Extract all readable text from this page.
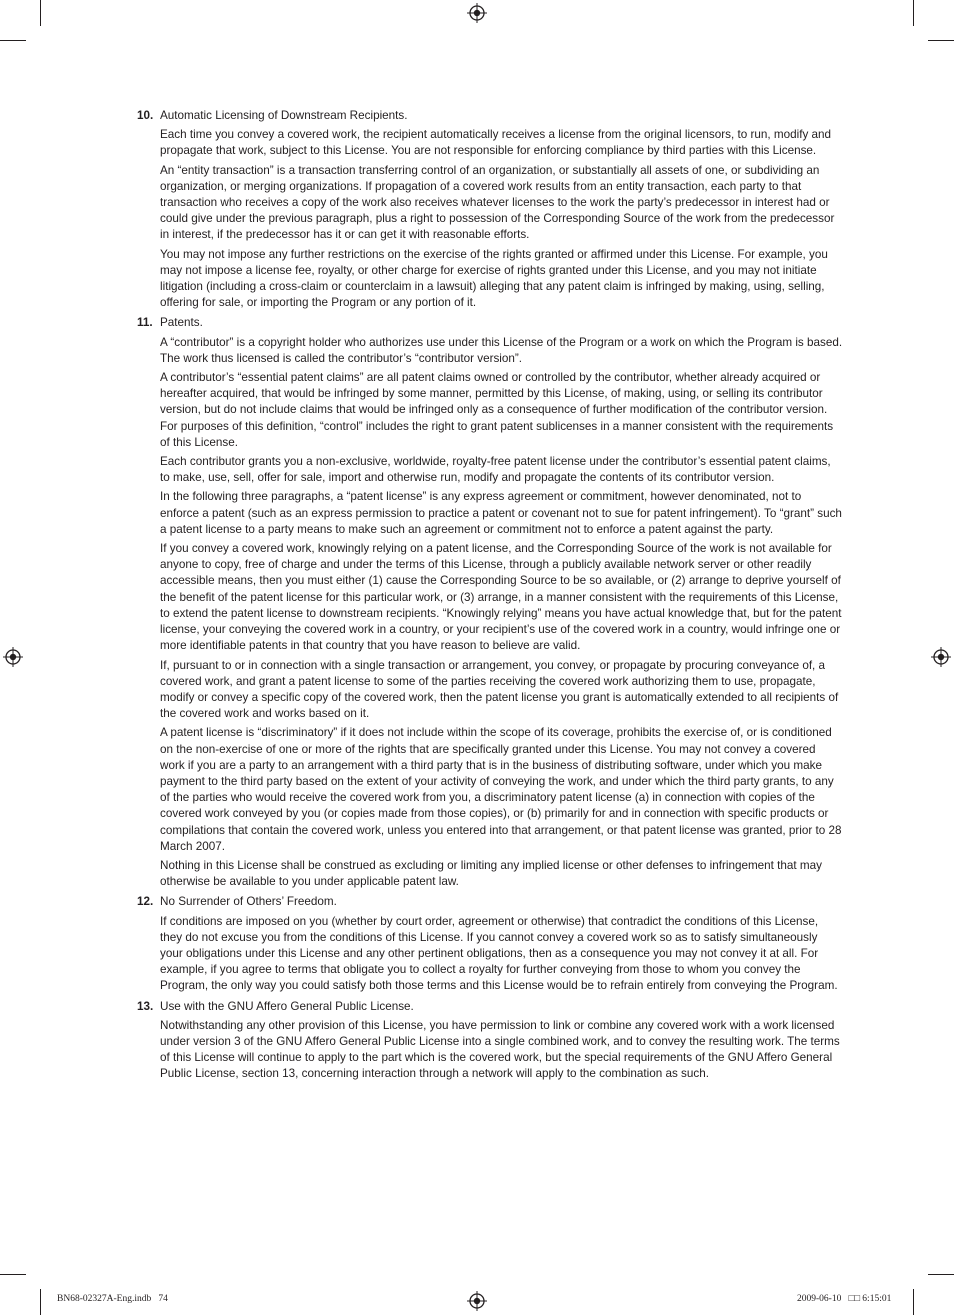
10. Automatic Licensing of Downstream Recipients.

Each time you convey a covered work, the recipient automatically receives a license from the original licensors, to run, modify and propagate that work, subject to this License. You are not responsible for enforcing compliance by third parties with this License.

An “entity transaction” is a transaction transferring control of an organization, or substantially all assets of one, or subdividing an organization, or merging organizations. If propagation of a covered work results from an entity transaction, each party to that transaction who receives a copy of the work also receives whatever licenses to the work the party’s predecessor in interest had or could give under the previous paragraph, plus a right to possession of the Corresponding Source of the work from the predecessor in interest, if the predecessor has it or can get it with reasonable efforts.

You may not impose any further restrictions on the exercise of the rights granted or affirmed under this License. For example, you may not impose a license fee, royalty, or other charge for exercise of rights granted under this License, and you may not initiate litigation (including a cross-claim or counterclaim in a lawsuit) alleging that any patent claim is infringed by making, using, selling, offering for sale, or importing the Program or any portion of it.

11. Patents.

A “contributor” is a copyright holder who authorizes use under this License of the Program or a work on which the Program is based. The work thus licensed is called the contributor’s “contributor version”.

A contributor’s “essential patent claims” are all patent claims owned or controlled by the contributor, whether already acquired or hereafter acquired, that would be infringed by some manner, permitted by this License, of making, using, or selling its contributor version, but do not include claims that would be infringed only as a consequence of further modification of the contributor version. For purposes of this definition, “control” includes the right to grant patent sublicenses in a manner consistent with the requirements of this License.

Each contributor grants you a non-exclusive, worldwide, royalty-free patent license under the contributor’s essential patent claims, to make, use, sell, offer for sale, import and otherwise run, modify and propagate the contents of its contributor version.

In the following three paragraphs, a “patent license” is any express agreement or commitment, however denominated, not to enforce a patent (such as an express permission to practice a patent or covenant not to sue for patent infringement). To “grant” such a patent license to a party means to make such an agreement or commitment not to enforce a patent against the party.

If you convey a covered work, knowingly relying on a patent license, and the Corresponding Source of the work is not available for anyone to copy, free of charge and under the terms of this License, through a publicly available network server or other readily accessible means, then you must either (1) cause the Corresponding Source to be so available, or (2) arrange to deprive yourself of the benefit of the patent license for this particular work, or (3) arrange, in a manner consistent with the requirements of this License, to extend the patent license to downstream recipients. “Knowingly relying” means you have actual knowledge that, but for the patent license, your conveying the covered work in a country, or your recipient’s use of the covered work in a country, would infringe one or more identifiable patents in that country that you have reason to believe are valid.

If, pursuant to or in connection with a single transaction or arrangement, you convey, or propagate by procuring conveyance of, a covered work, and grant a patent license to some of the parties receiving the covered work authorizing them to use, propagate, modify or convey a specific copy of the covered work, then the patent license you grant is automatically extended to all recipients of the covered work and works based on it.

A patent license is “discriminatory” if it does not include within the scope of its coverage, prohibits the exercise of, or is conditioned on the non-exercise of one or more of the rights that are specifically granted under this License. You may not convey a covered work if you are a party to an arrangement with a third party that is in the business of distributing software, under which you make payment to the third party based on the extent of your activity of conveying the work, and under which the third party grants, to any of the parties who would receive the covered work from you, a discriminatory patent license (a) in connection with copies of the covered work conveyed by you (or copies made from those copies), or (b) primarily for and in connection with specific products or compilations that contain the covered work, unless you entered into that arrangement, or that patent license was granted, prior to 28 March 2007.

Nothing in this License shall be construed as excluding or limiting any implied license or other defenses to infringement that may otherwise be available to you under applicable patent law.

12. No Surrender of Others’ Freedom.

If conditions are imposed on you (whether by court order, agreement or otherwise) that contradict the conditions of this License, they do not excuse you from the conditions of this License. If you cannot convey a covered work so as to satisfy simultaneously your obligations under this License and any other pertinent obligations, then as a consequence you may not convey it at all. For example, if you agree to terms that obligate you to collect a royalty for further conveying from those to whom you convey the Program, the only way you could satisfy both those terms and this License would be to refrain entirely from conveying the Program.

13. Use with the GNU Affero General Public License.

Notwithstanding any other provision of this License, you have permission to link or combine any covered work with a work licensed under version 3 of the GNU Affero General Public License into a single combined work, and to convey the resulting work. The terms of this License will continue to apply to the part which is the covered work, but the special requirements of the GNU Affero General Public License, section 13, concerning interaction through a network will apply to the combination as such.

BN68-02327A-Eng.indb   74	2009-06-10   □□ 6:15:01
